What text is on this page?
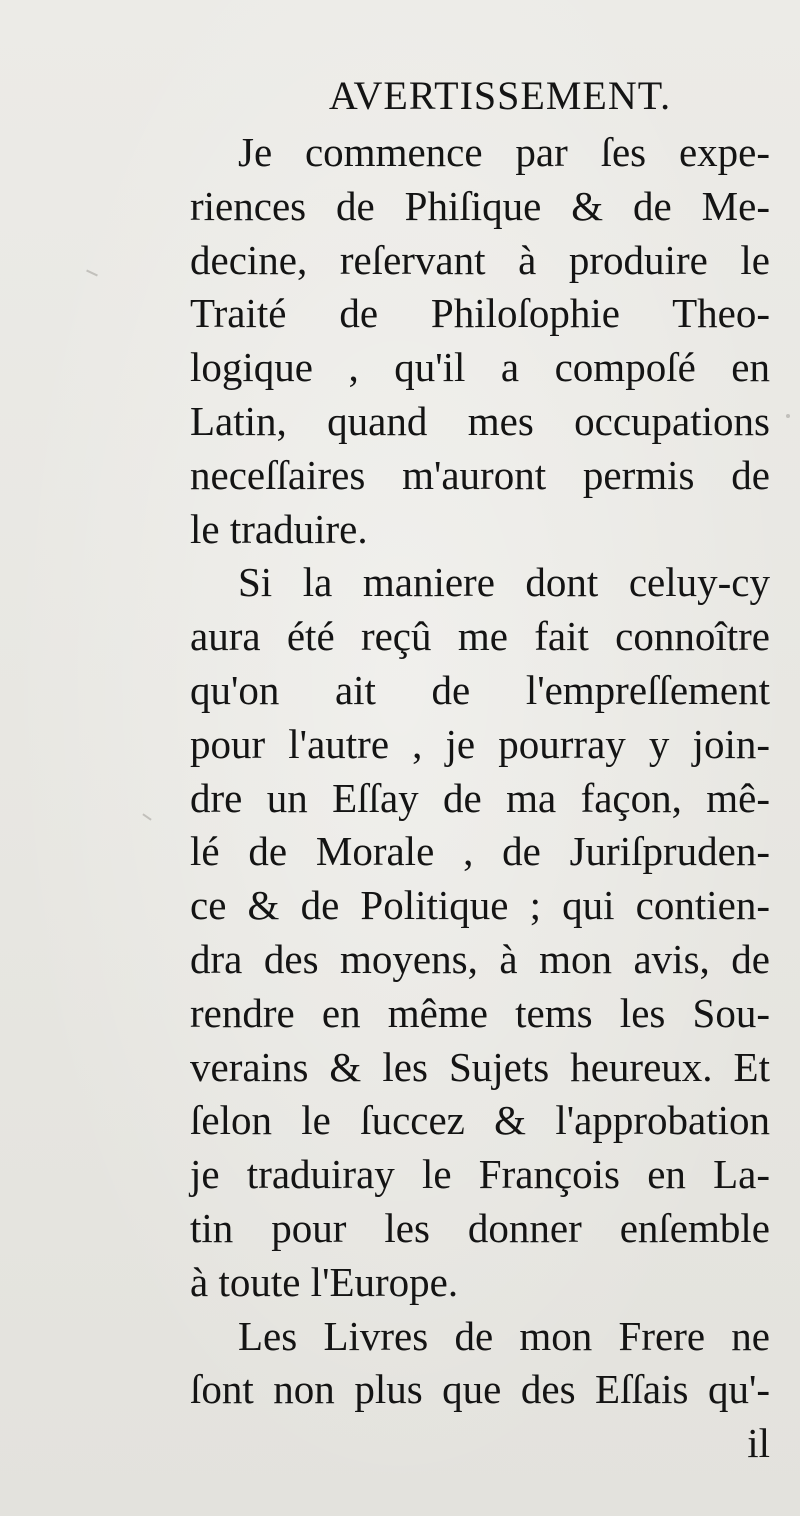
AVERTISSEMENT.
Je commence par ſes expe-
riences de Phiſique & de Me-
decine, reſervant à produire le
Traité de Philoſophie Theo-
logique , qu'il a compoſé en
Latin, quand mes occupations
neceſſaires m'auront permis de
le traduire.
Si la maniere dont celuy-cy
aura été reçû me fait connoître
qu'on ait de l'empreſſement
pour l'autre , je pourray y join-
dre un Eſſay de ma façon, mê-
lé de Morale , de Juriſpruden-
ce & de Politique ; qui contien-
dra des moyens, à mon avis, de
rendre en même tems les Sou-
verains & les Sujets heureux. Et
ſelon le ſuccez & l'approbation
je traduiray le François en La-
tin pour les donner enſemble
à toute l'Europe.
Les Livres de mon Frere ne
ſont non plus que des Eſſais qu'-
il
